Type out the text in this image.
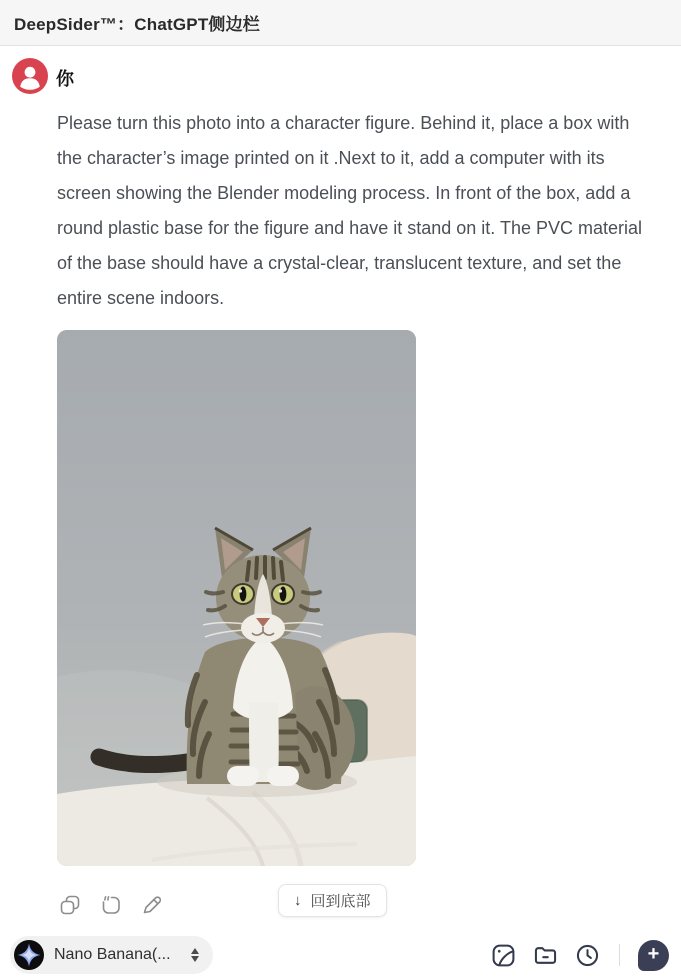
DeepSider™：ChatGPT侧边栏
你
Please turn this photo into a character figure. Behind it, place a box with the character’s image printed on it .Next to it, add a computer with its screen showing the Blender modeling process. In front of the box, add a round plastic base for the figure and have it stand on it. The PVC material of the base should have a crystal-clear, translucent texture, and set the entire scene indoors.
↓ 回到底部
Nano Banana(...	+
